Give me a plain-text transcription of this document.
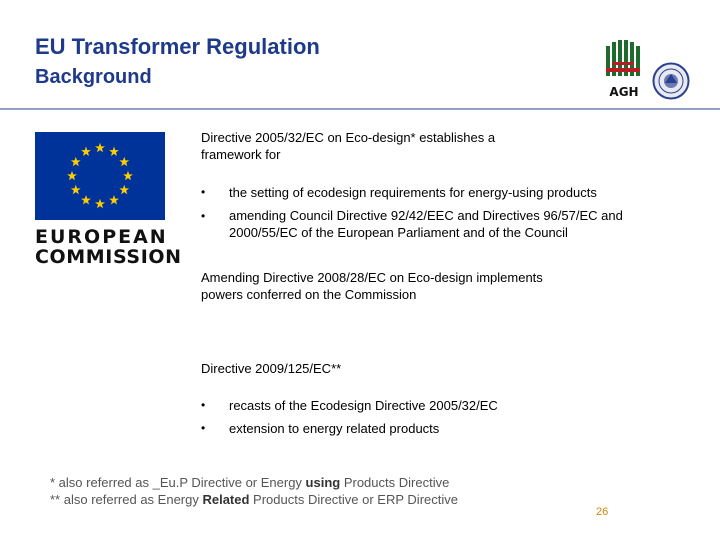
EU Transformer Regulation
Background
AGH
EUROPEAN
COMMISSION
Directive 2005/32/EC on Eco-design* establishes a framework for
• the setting of ecodesign requirements for energy-using products
• amending Council Directive 92/42/EEC and Directives 96/57/EC and 2000/55/EC of the European Parliament and of the Council
Amending Directive 2008/28/EC on Eco-design implements powers conferred on the Commission
Directive 2009/125/EC**
• recasts of the Ecodesign Directive 2005/32/EC
• extension to energy related products
* also referred as _Eu.P Directive or Energy using Products Directive
** also referred as Energy Related Products Directive or ERP Directive
26
